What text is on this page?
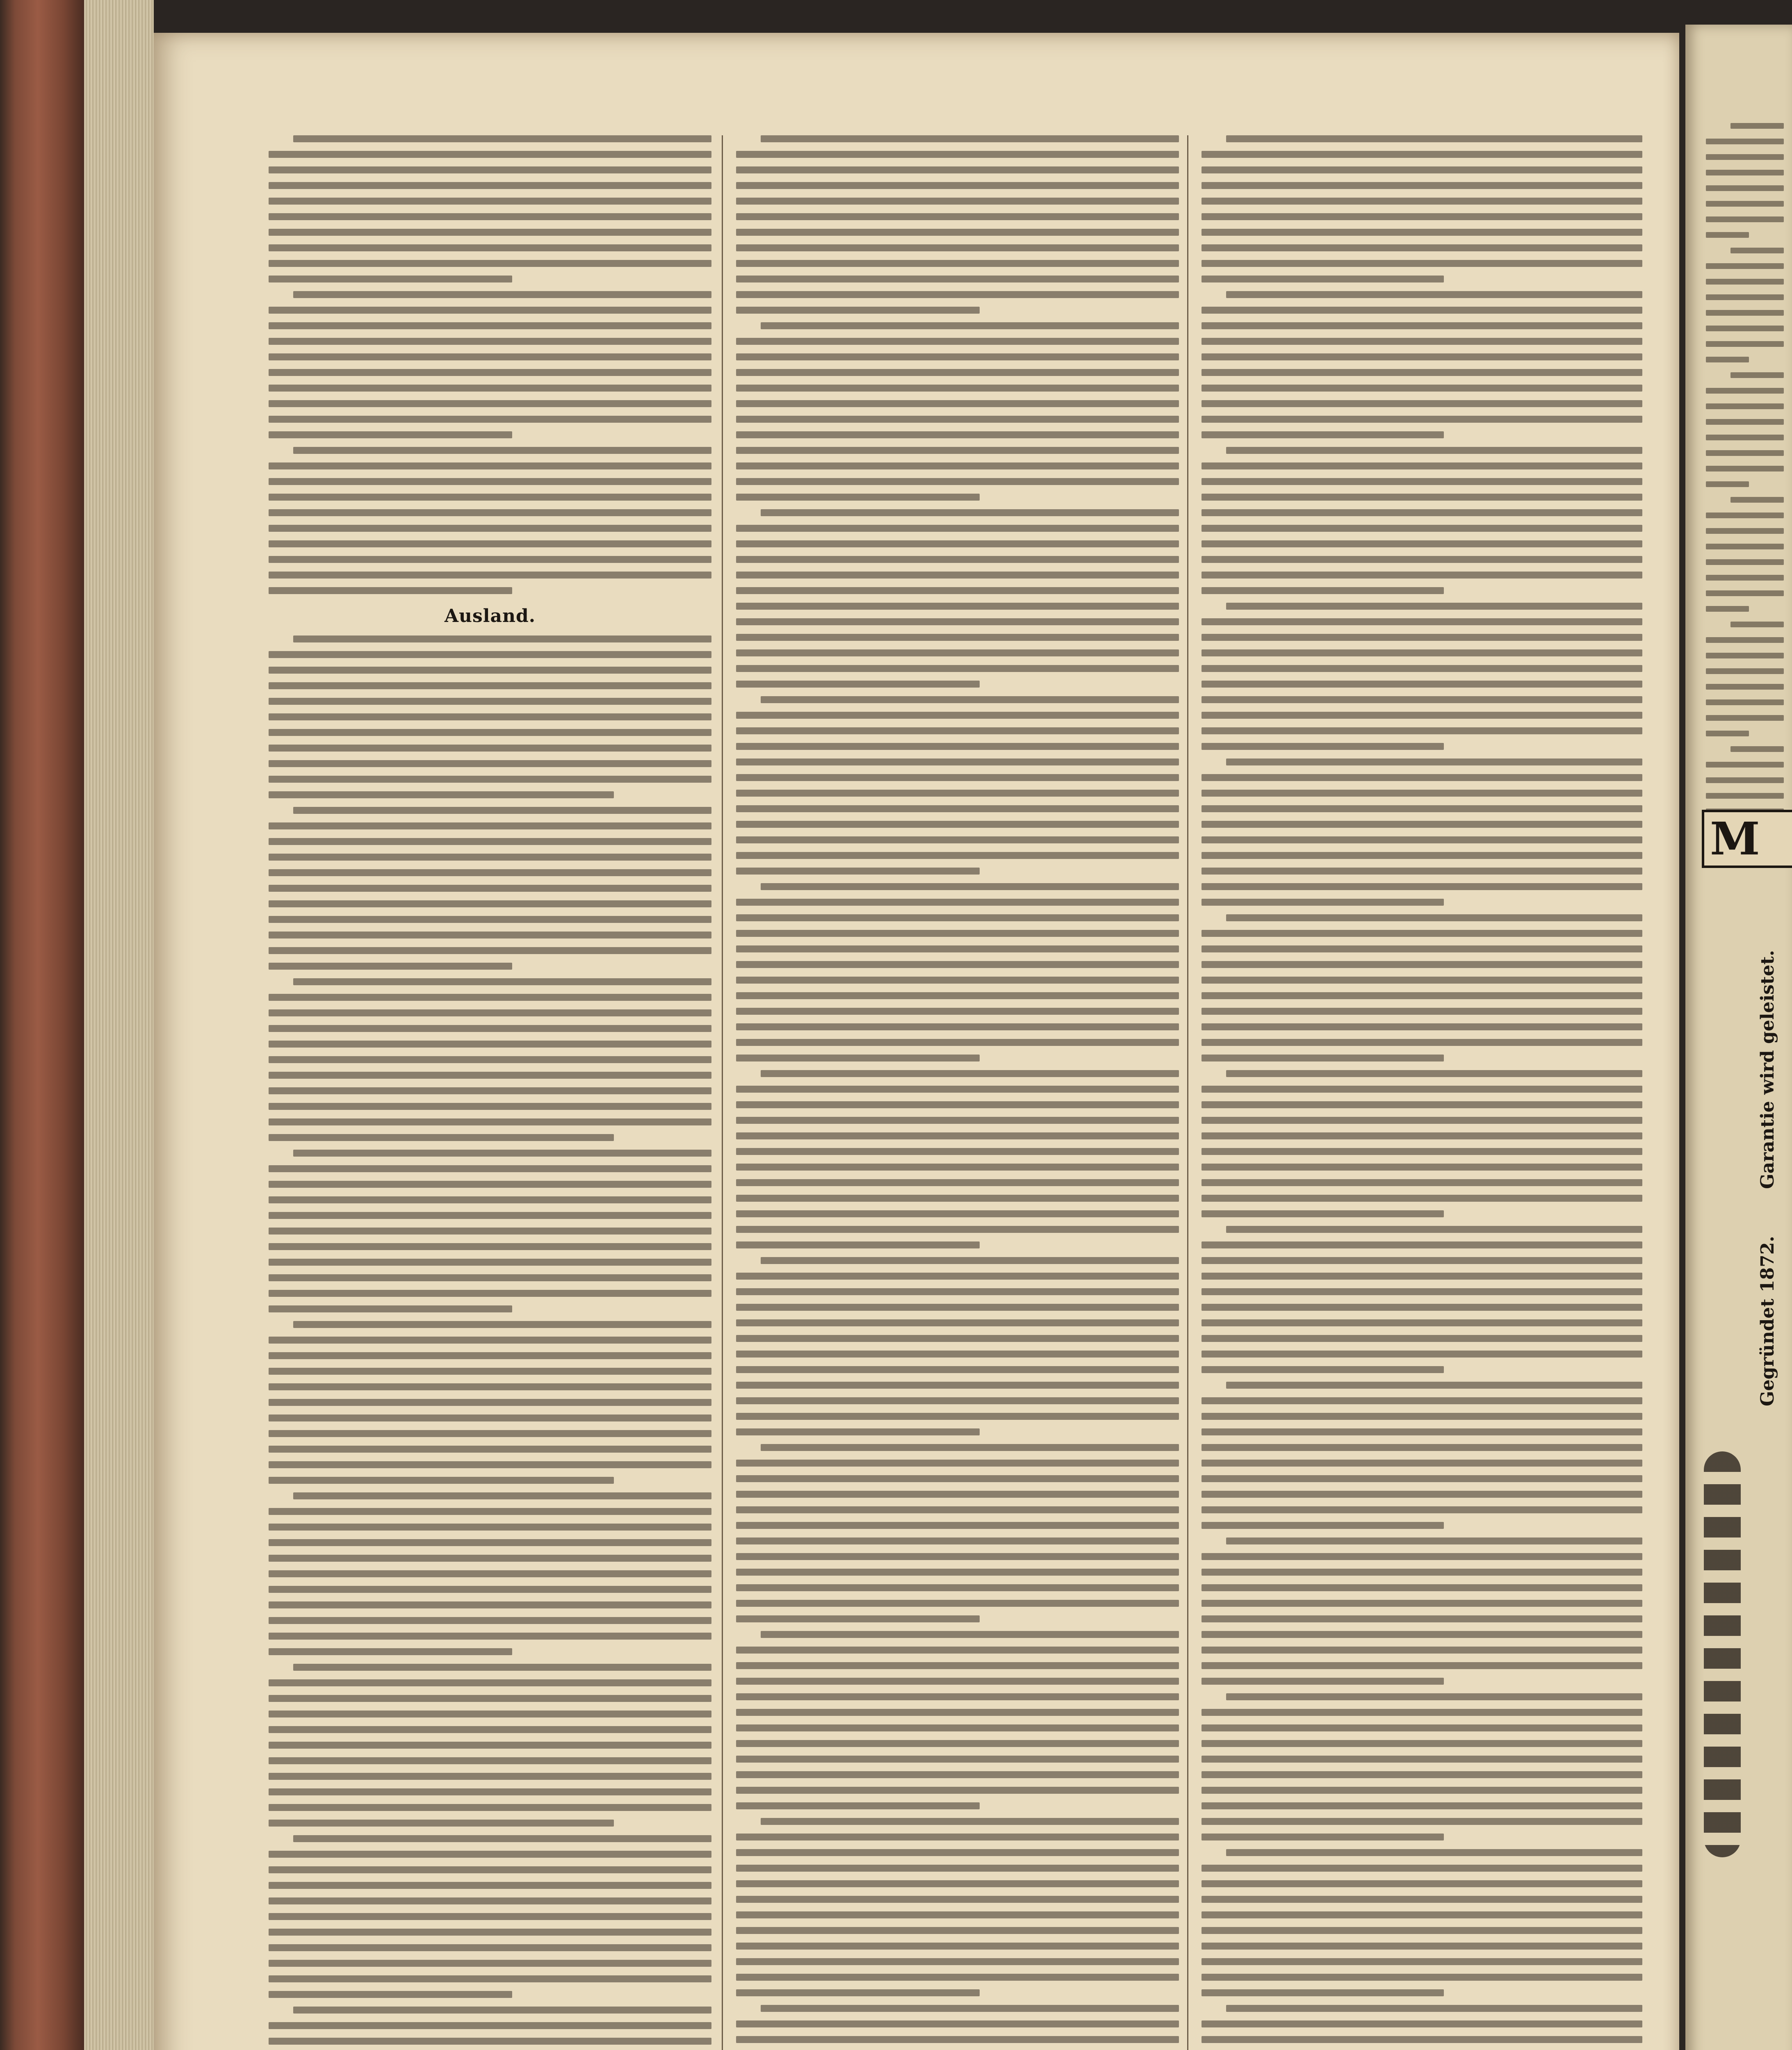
Ausland.
M
Garantie wird geleistet.
Gegründet 1872.
